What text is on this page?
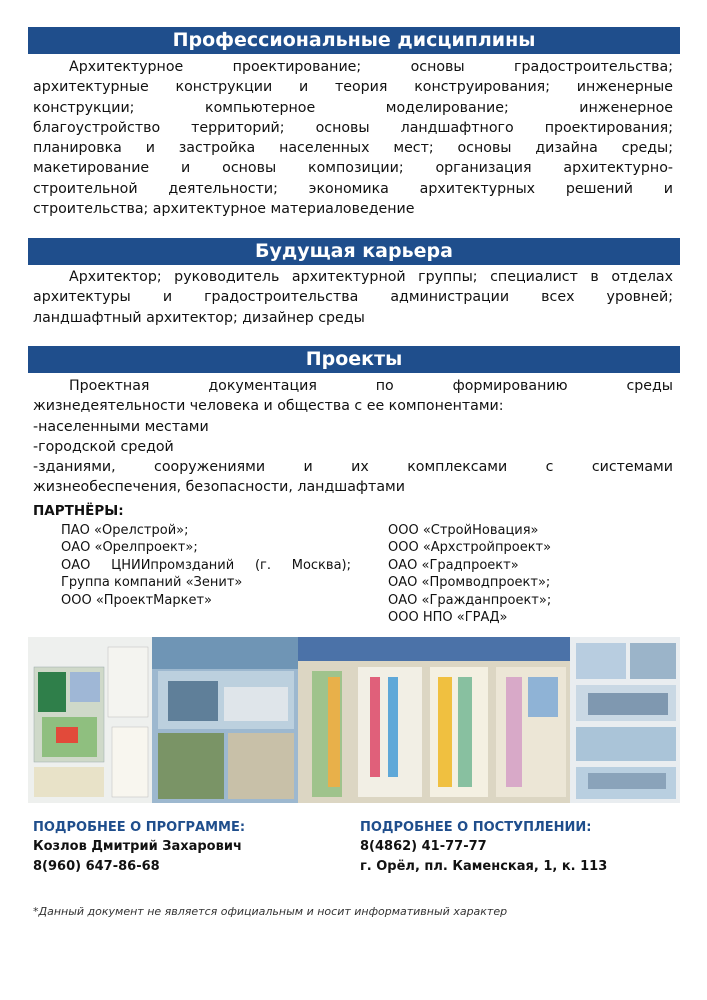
Профессиональные дисциплины
Архитектурное проектирование; основы градостроительства;
архитектурные конструкции и теория конструирования; инженерные
конструкции; компьютерное моделирование; инженерное
благоустройство территорий; основы ландшафтного проектирования;
планировка и застройка населенных мест; основы дизайна среды;
макетирование и основы композиции; организация архитектурно-
строительной деятельности; экономика архитектурных решений и
строительства; архитектурное материаловедение
Будущая карьера
Архитектор; руководитель архитектурной группы; специалист в отделах
архитектуры и градостроительства администрации всех уровней;
ландшафтный архитектор; дизайнер среды
Проекты
Проектная документация по формированию среды
жизнедеятельности человека и общества с ее компонентами:
-населенными местами
-городской средой
-зданиями, сооружениями и их комплексами с системами
жизнеобеспечения, безопасности, ландшафтами
ПАРТНЁРЫ:
ПАО «Орелстрой»;
ОАО «Орелпроект»;
ОАО ЦНИИпромзданий (г. Москва);
Группа компаний «Зенит»
ООО «ПроектМаркет»
ООО «СтройНовация»
ООО «Архстройпроект»
ОАО «Градпроект»
ОАО «Промводпроект»;
ОАО «Гражданпроект»;
ООО НПО «ГРАД»
ПОДРОБНЕЕ О ПРОГРАММЕ:
Козлов Дмитрий Захарович
8(960) 647-86-68
ПОДРОБНЕЕ О ПОСТУПЛЕНИИ:
8(4862) 41-77-77
г. Орёл, пл. Каменская, 1, к. 113
*Данный документ не является официальным и носит информативный характер
